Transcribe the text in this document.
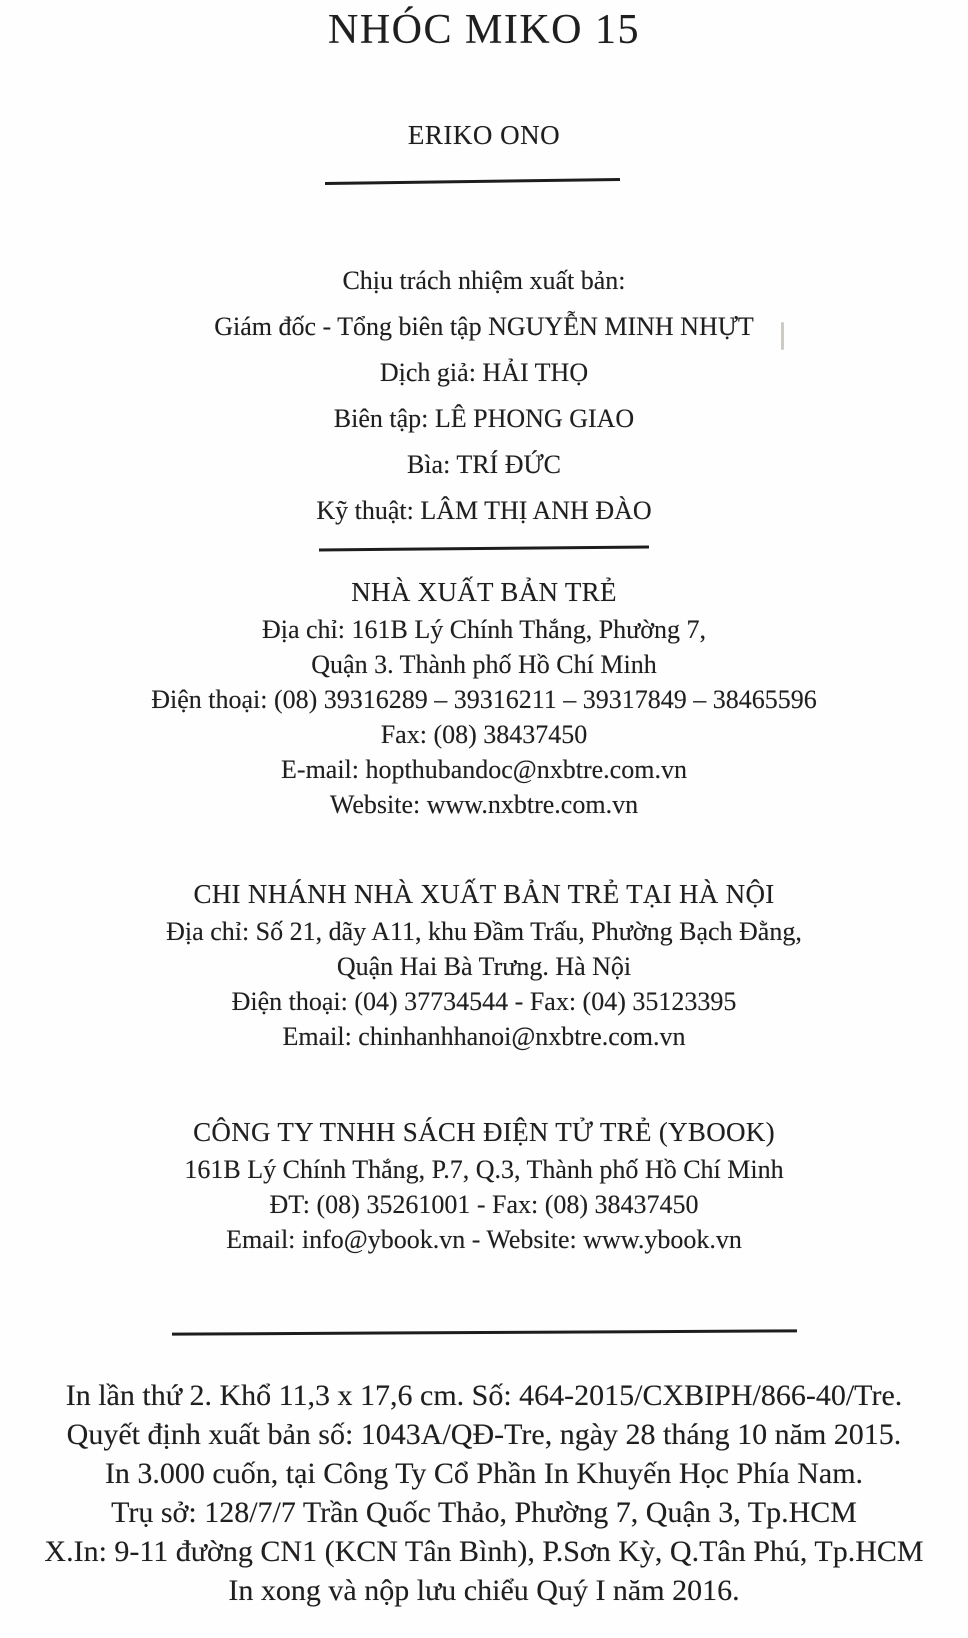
NHÓC MIKO 15
ERIKO ONO
Chịu trách nhiệm xuất bản:
Giám đốc - Tổng biên tập NGUYỄN MINH NHỰT
Dịch giả: HẢI THỌ
Biên tập: LÊ PHONG GIAO
Bìa: TRÍ ĐỨC
Kỹ thuật: LÂM THỊ ANH ĐÀO
NHÀ XUẤT BẢN TRẺ
Địa chỉ: 161B Lý Chính Thắng, Phường 7,
Quận 3. Thành phố Hồ Chí Minh
Điện thoại: (08) 39316289 – 39316211 – 39317849 – 38465596
Fax: (08) 38437450
E-mail: hopthubandoc@nxbtre.com.vn
Website: www.nxbtre.com.vn
CHI NHÁNH NHÀ XUẤT BẢN TRẺ TẠI HÀ NỘI
Địa chỉ: Số 21, dãy A11, khu Đầm Trấu, Phường Bạch Đằng,
Quận Hai Bà Trưng. Hà Nội
Điện thoại: (04) 37734544 - Fax: (04) 35123395
Email: chinhanhhanoi@nxbtre.com.vn
CÔNG TY TNHH SÁCH ĐIỆN TỬ TRẺ (YBOOK)
161B Lý Chính Thắng, P.7, Q.3, Thành phố Hồ Chí Minh
ĐT: (08) 35261001 - Fax: (08) 38437450
Email: info@ybook.vn - Website: www.ybook.vn
In lần thứ 2. Khổ 11,3 x 17,6 cm. Số: 464-2015/CXBIPH/866-40/Tre.
Quyết định xuất bản số: 1043A/QĐ-Tre, ngày 28 tháng 10 năm 2015.
In 3.000 cuốn, tại Công Ty Cổ Phần In Khuyến Học Phía Nam.
Trụ sở: 128/7/7 Trần Quốc Thảo, Phường 7, Quận 3, Tp.HCM
X.In: 9-11 đường CN1 (KCN Tân Bình), P.Sơn Kỳ, Q.Tân Phú, Tp.HCM
In xong và nộp lưu chiểu Quý I năm 2016.
